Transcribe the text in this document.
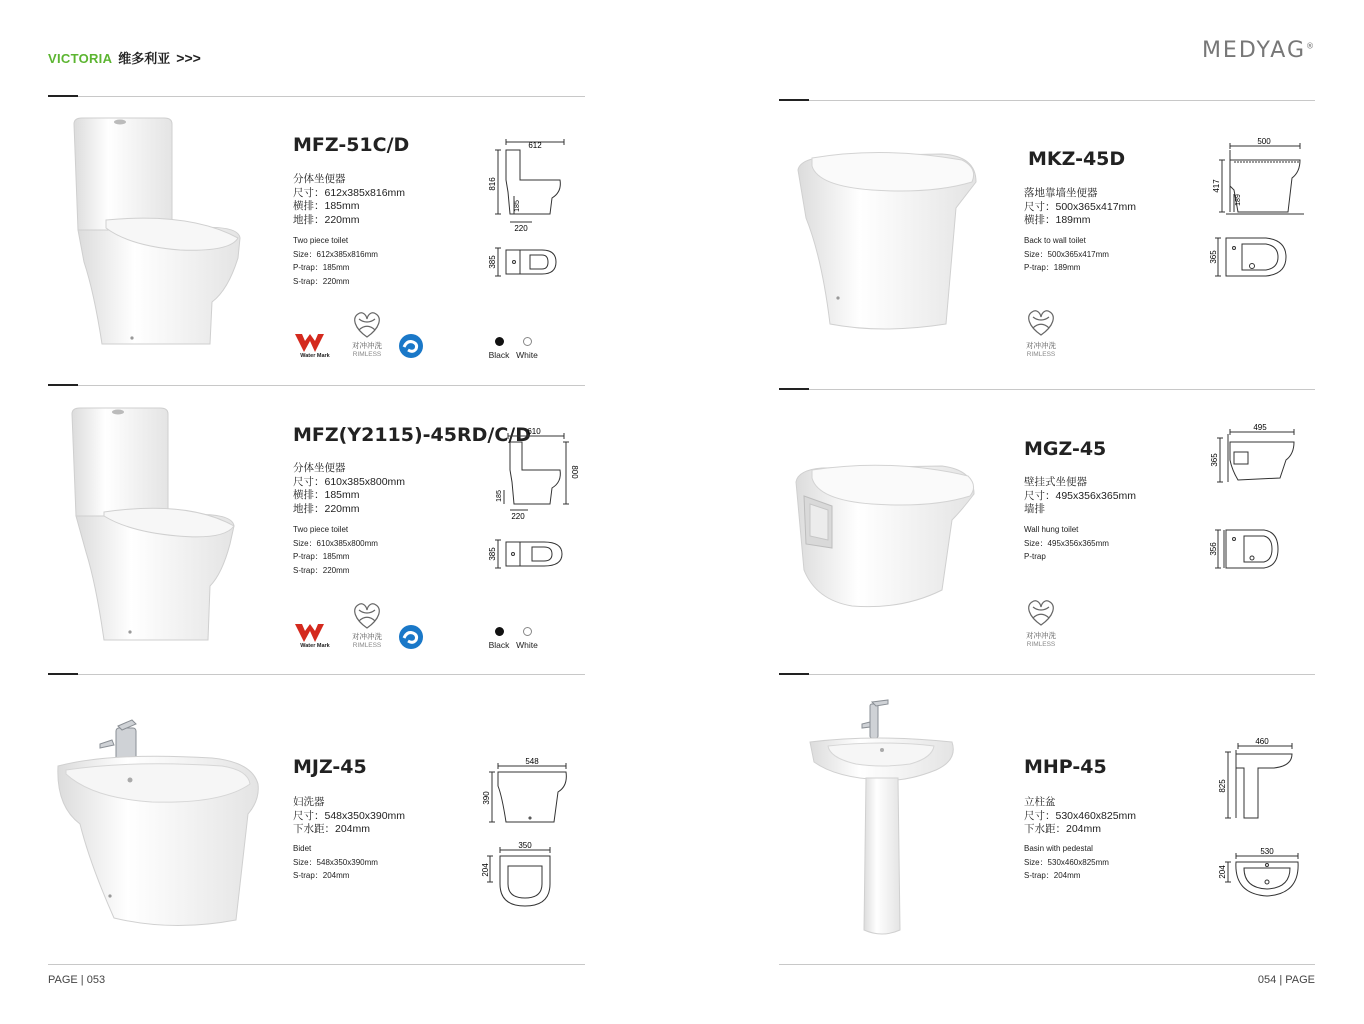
VICTORIA 维多利亚 >>>	MEDYAG®
MFZ-51C/D
分体坐便器
尺寸：612x385x816mm
横排：185mm
地排：220mm
Two piece toilet
Size：612x385x816mm
P-trap：185mm
S-trap：220mm
612
816
185
220
385
Water Mark
对冲冲洗
RIMLESS	Black White
MFZ(Y2115)-45RD/C/D
分体坐便器
尺寸：610x385x800mm
横排：185mm
地排：220mm
Two piece toilet
Size：610x385x800mm
P-trap：185mm
S-trap：220mm
610
800
185
220
385
Water Mark
对冲冲洗
RIMLESS	Black White
MJZ-45
妇洗器
尺寸：548x350x390mm
下水距：204mm
Bidet
Size：548x350x390mm
S-trap：204mm
548
390
350
204
MKZ-45D
落地靠墙坐便器
尺寸：500x365x417mm
横排：189mm
Back to wall toilet
Size：500x365x417mm
P-trap：189mm
500
417
189
365
对冲冲洗
RIMLESS
MGZ-45
壁挂式坐便器
尺寸：495x356x365mm
墙排
Wall hung toilet
Size：495x356x365mm
P-trap
495
365
356
对冲冲洗
RIMLESS
MHP-45
立柱盆
尺寸：530x460x825mm
下水距：204mm
Basin with pedestal
Size：530x460x825mm
S-trap：204mm
460
825
530
204
PAGE | 053	054 | PAGE
